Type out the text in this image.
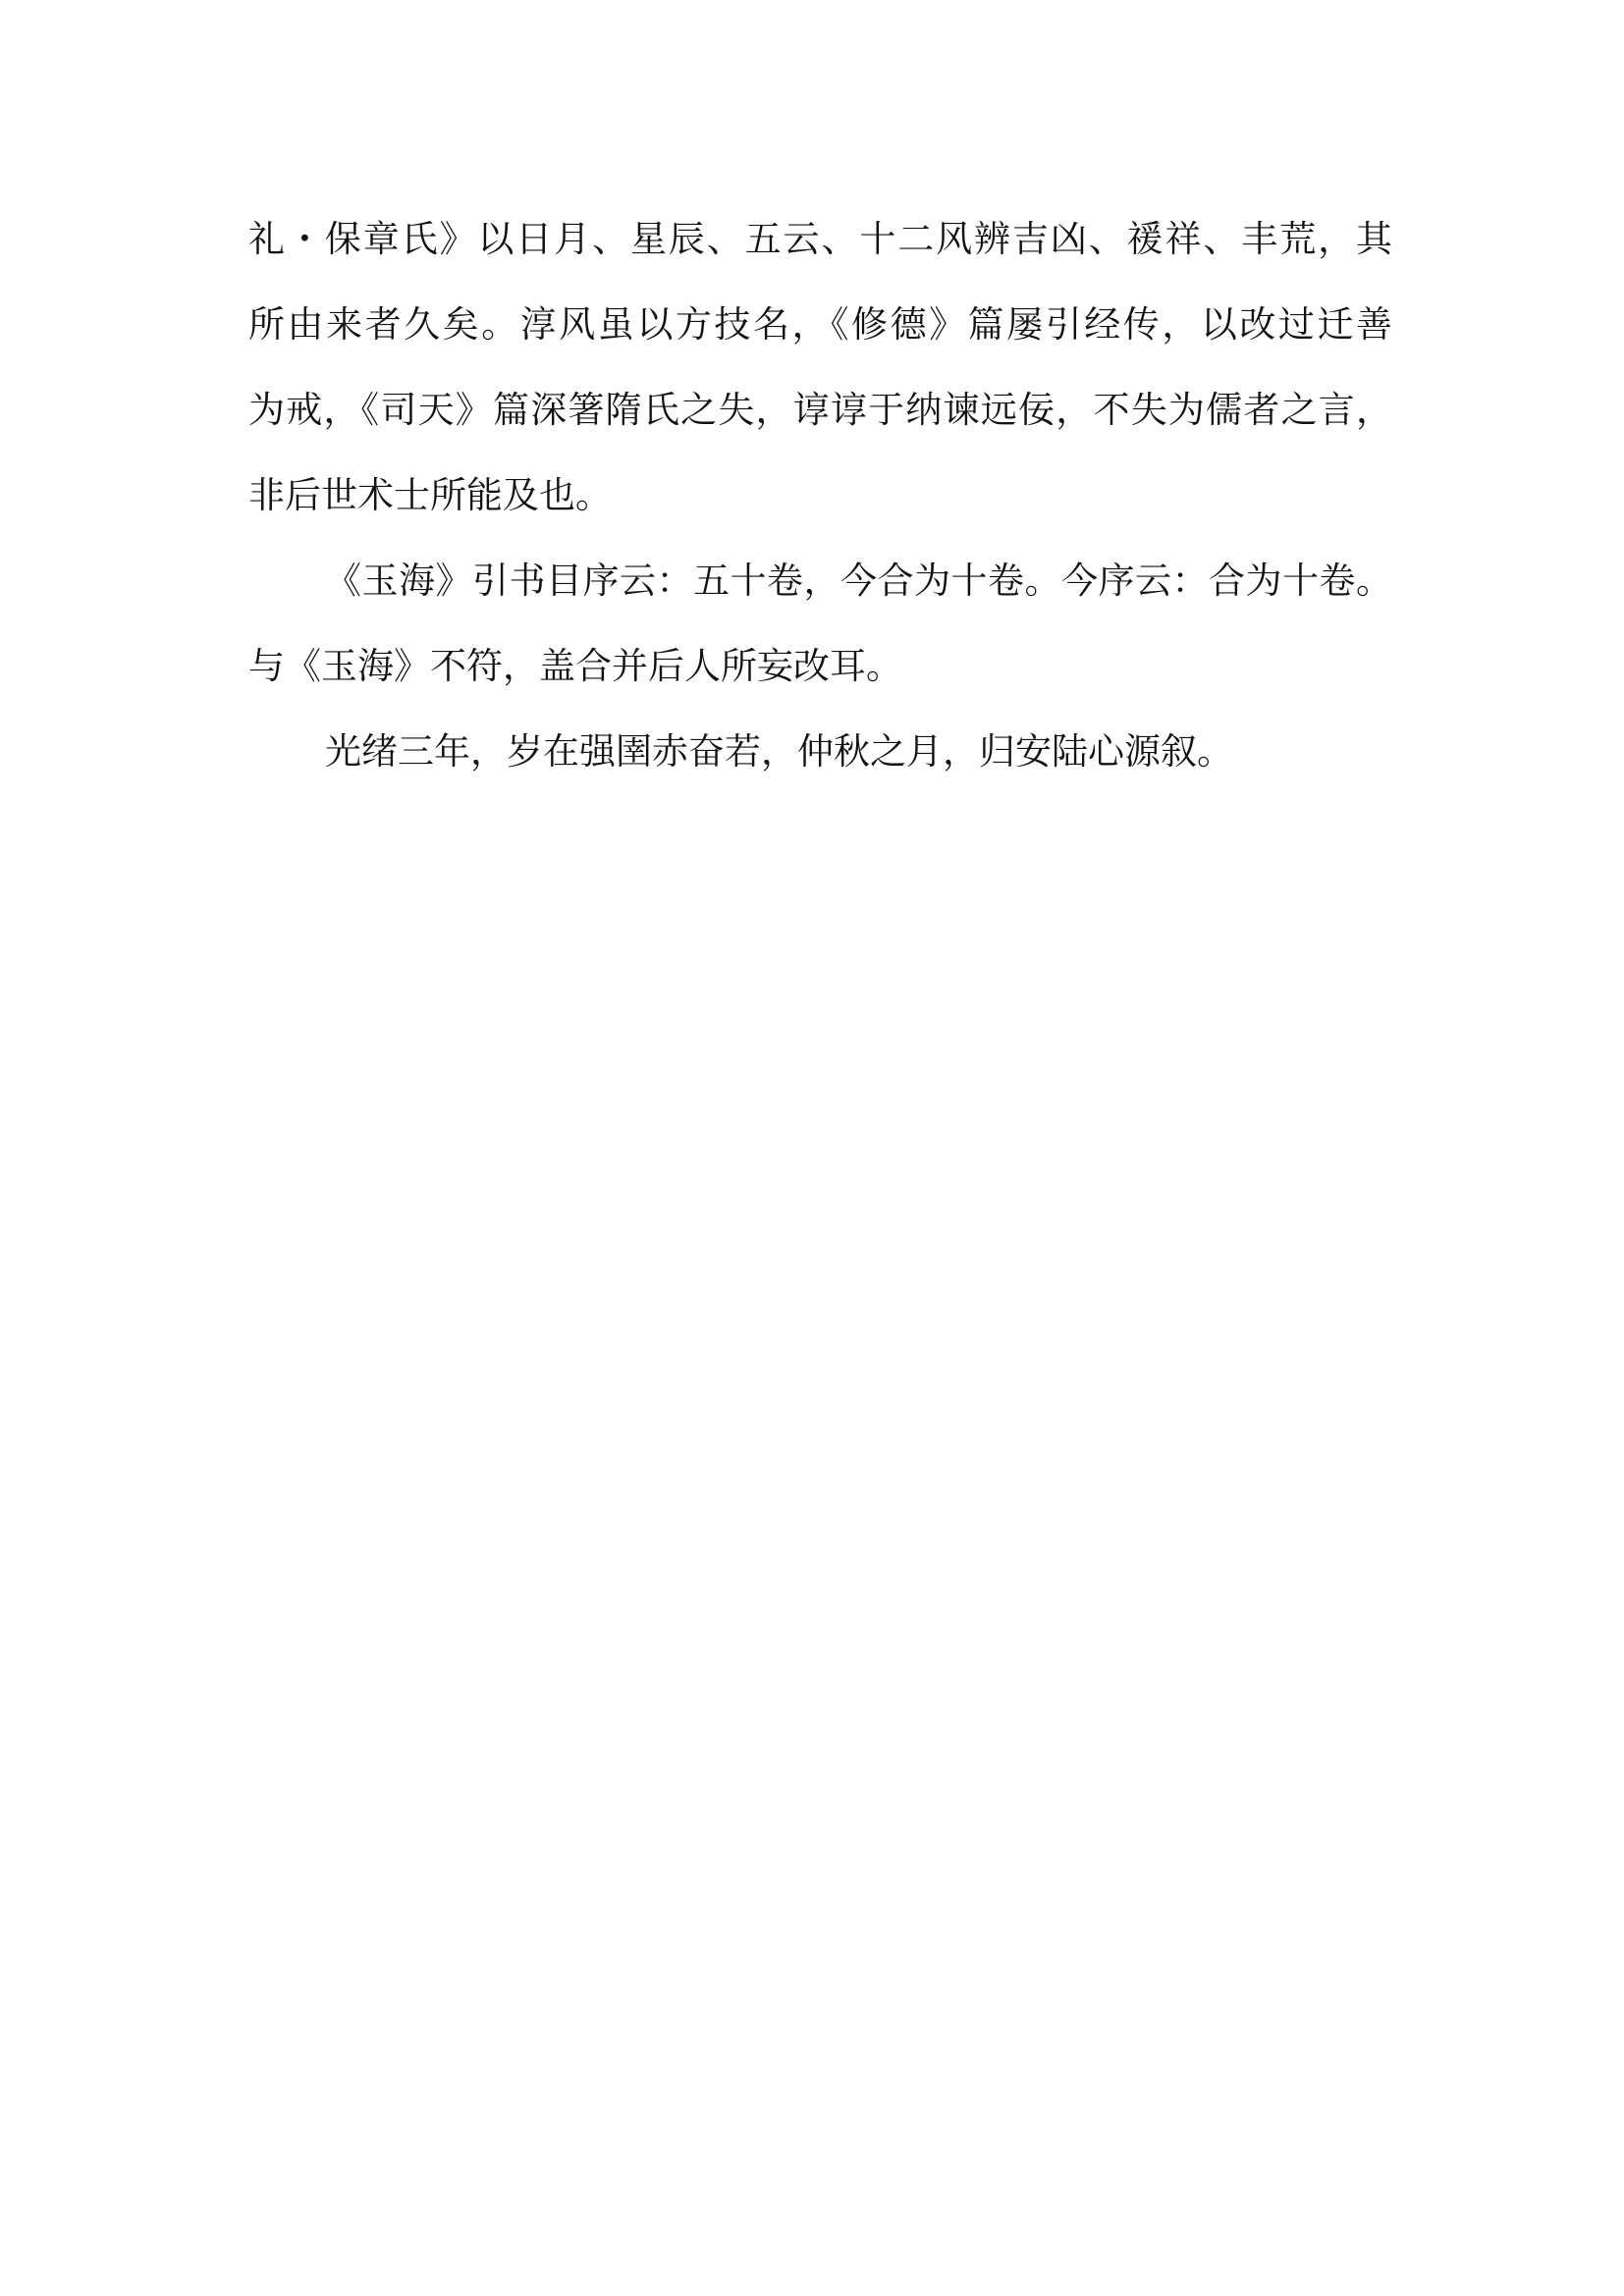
礼・保章氏》以日月、星辰、五云、十二风辨吉凶、禐祥、丰荒，其
所由来者久矣。淳风虽以方技名，《修德》篇屡引经传，以改过迁善
为戒，《司天》篇深箸隋氏之失，谆谆于纳谏远佞，不失为儒者之言，
非后世术士所能及也。
《玉海》引书目序云：五十卷，今合为十卷。今序云：合为十卷。
与《玉海》不符，盖合并后人所妄改耳。
光绪三年，岁在强圉赤奋若，仲秋之月，归安陆心源叙。
